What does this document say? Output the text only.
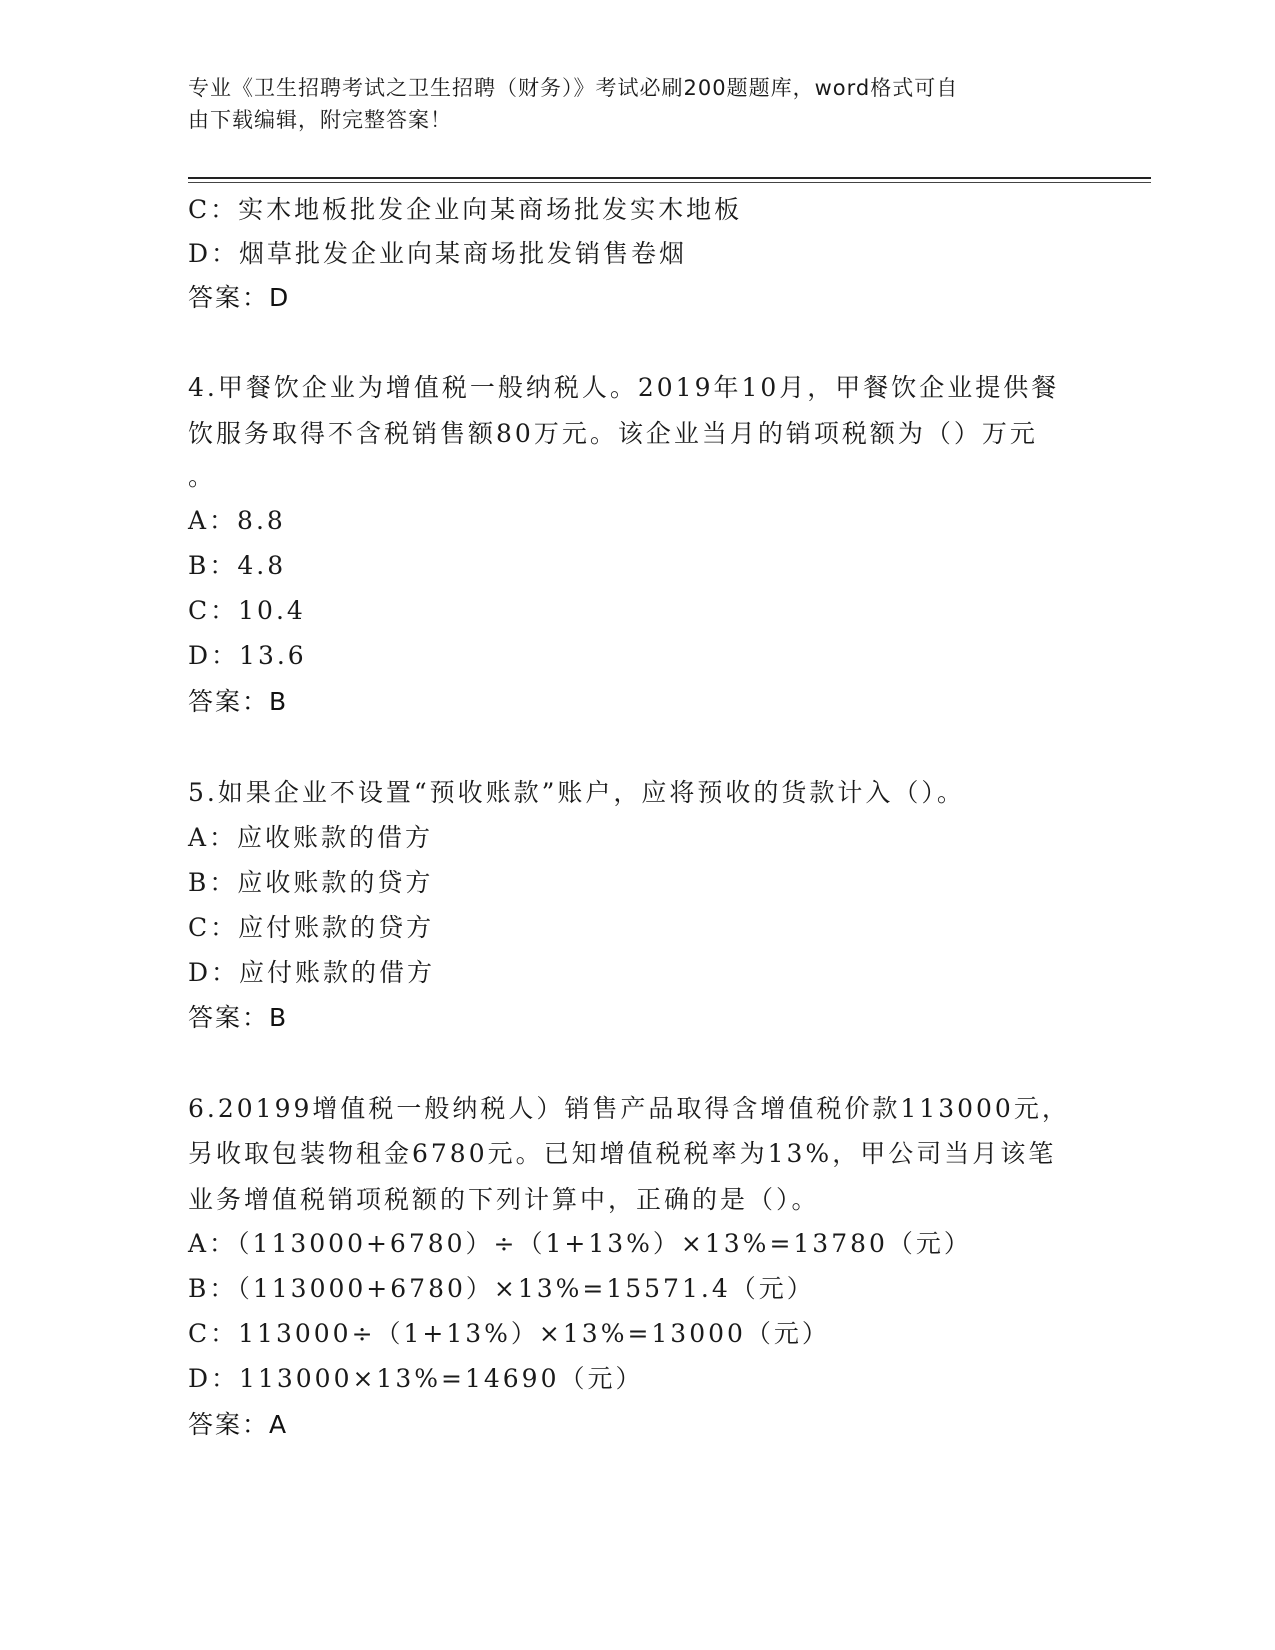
专业《卫生招聘考试之卫生招聘（财务）》考试必刷200题题库，word格式可自
由下载编辑，附完整答案！
C：实木地板批发企业向某商场批发实木地板
D：烟草批发企业向某商场批发销售卷烟
答案：D
4.甲餐饮企业为增值税一般纳税人。2019年10月，甲餐饮企业提供餐
饮服务取得不含税销售额80万元。该企业当月的销项税额为（）万元
。
A：8.8
B：4.8
C：10.4
D：13.6
答案：B
5.如果企业不设置“预收账款”账户，应将预收的货款计入（）。
A：应收账款的借方
B：应收账款的贷方
C：应付账款的贷方
D：应付账款的借方
答案：B
6.20199增值税一般纳税人）销售产品取得含增值税价款113000元，
另收取包装物租金6780元。已知增值税税率为13%，甲公司当月该笔
业务增值税销项税额的下列计算中，正确的是（）。
A：（113000+6780）÷（1+13%）×13%=13780（元）
B：（113000+6780）×13%=15571.4（元）
C：113000÷（1+13%）×13%=13000（元）
D：113000×13%=14690（元）
答案：A
